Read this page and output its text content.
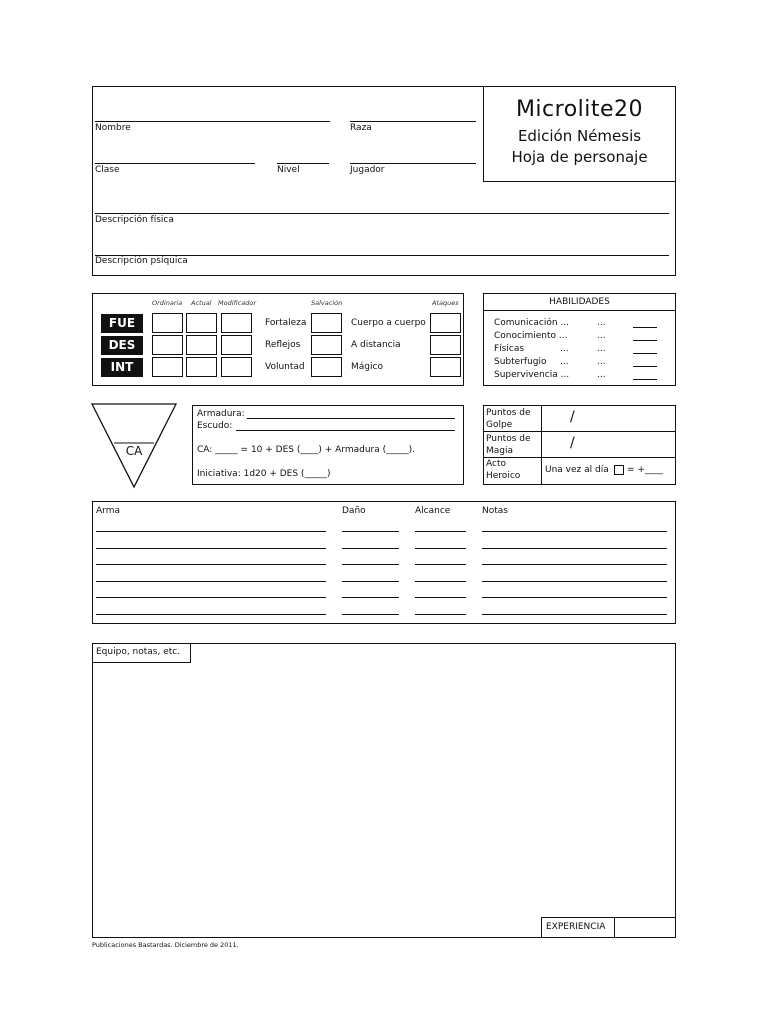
Microlite20
Edición Némesis
Hoja de personaje
Nombre	Raza
Clase	Nivel	Jugador
Descripción física
Descripción psíquica
Ordinaria Actual Modificador	Salvación	Ataques
FUE	Fortaleza	Cuerpo a cuerpo
DES	Reflejos	A distancia
INT	Voluntad	Mágico
HABILIDADES
Comunicación ...	...
Conocimiento ...	...
Físicas	...	...
Subterfugio ...	...
Supervivencia ...	...
CA
Armadura:
Escudo:
CA: _____ = 10 + DES (____) + Armadura (_____).
Iniciativa: 1d20 + DES (_____)
Puntos de
Golpe	/
Puntos de
Magia	/
Acto
Heroico
Una vez al día = +____
Arma	Daño	Alcance	Notas
Equipo, notas, etc.
EXPERIENCIA
Publicaciones Bastardas. Diciembre de 2011.
